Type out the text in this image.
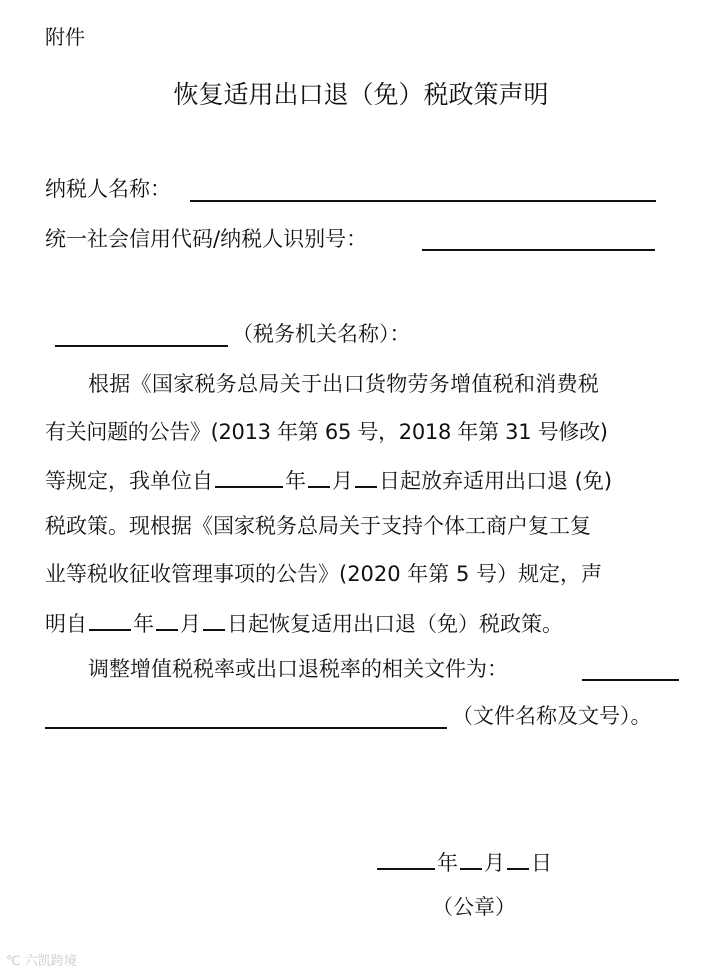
附件
恢复适用出口退（免）税政策声明
纳税人名称：
统一社会信用代码/纳税人识别号：
（税务机关名称）：
根据《国家税务总局关于出口货物劳务增值税和消费税
有关问题的公告》(2013 年第 65 号，2018 年第 31 号修改)
等规定，我单位自	年 月 日起放弃适用出口退 (免)
税政策。现根据《国家税务总局关于支持个体工商户复工复
业等税收征收管理事项的公告》(2020 年第 5 号）规定，声
明自 年 月 日起恢复适用出口退（免）税政策。
调整增值税税率或出口退税率的相关文件为：
（文件名称及文号）。
年 月 日
（公章）
℃ 六凯跨境
